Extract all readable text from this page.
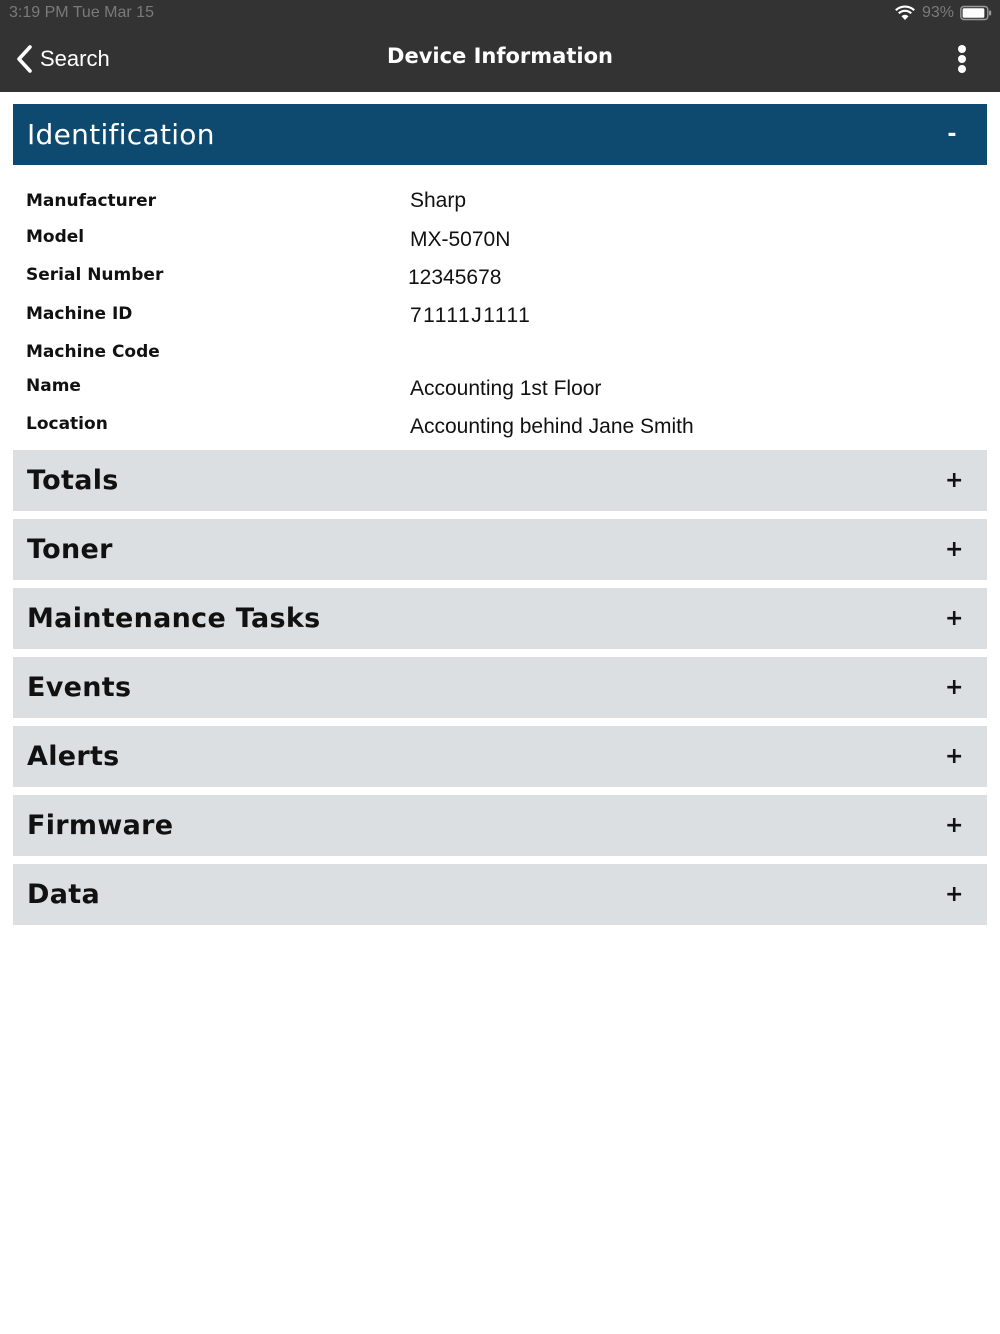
3:19 PM Tue Mar 15	93%
Search	Device Information
Identification	-
Manufacturer	Sharp
Model	MX-5070N
Serial Number	12345678
Machine ID	71111J1111
Machine Code
Name	Accounting 1st Floor
Location	Accounting behind Jane Smith
Totals	+
Toner	+
Maintenance Tasks	+
Events	+
Alerts	+
Firmware	+
Data	+
